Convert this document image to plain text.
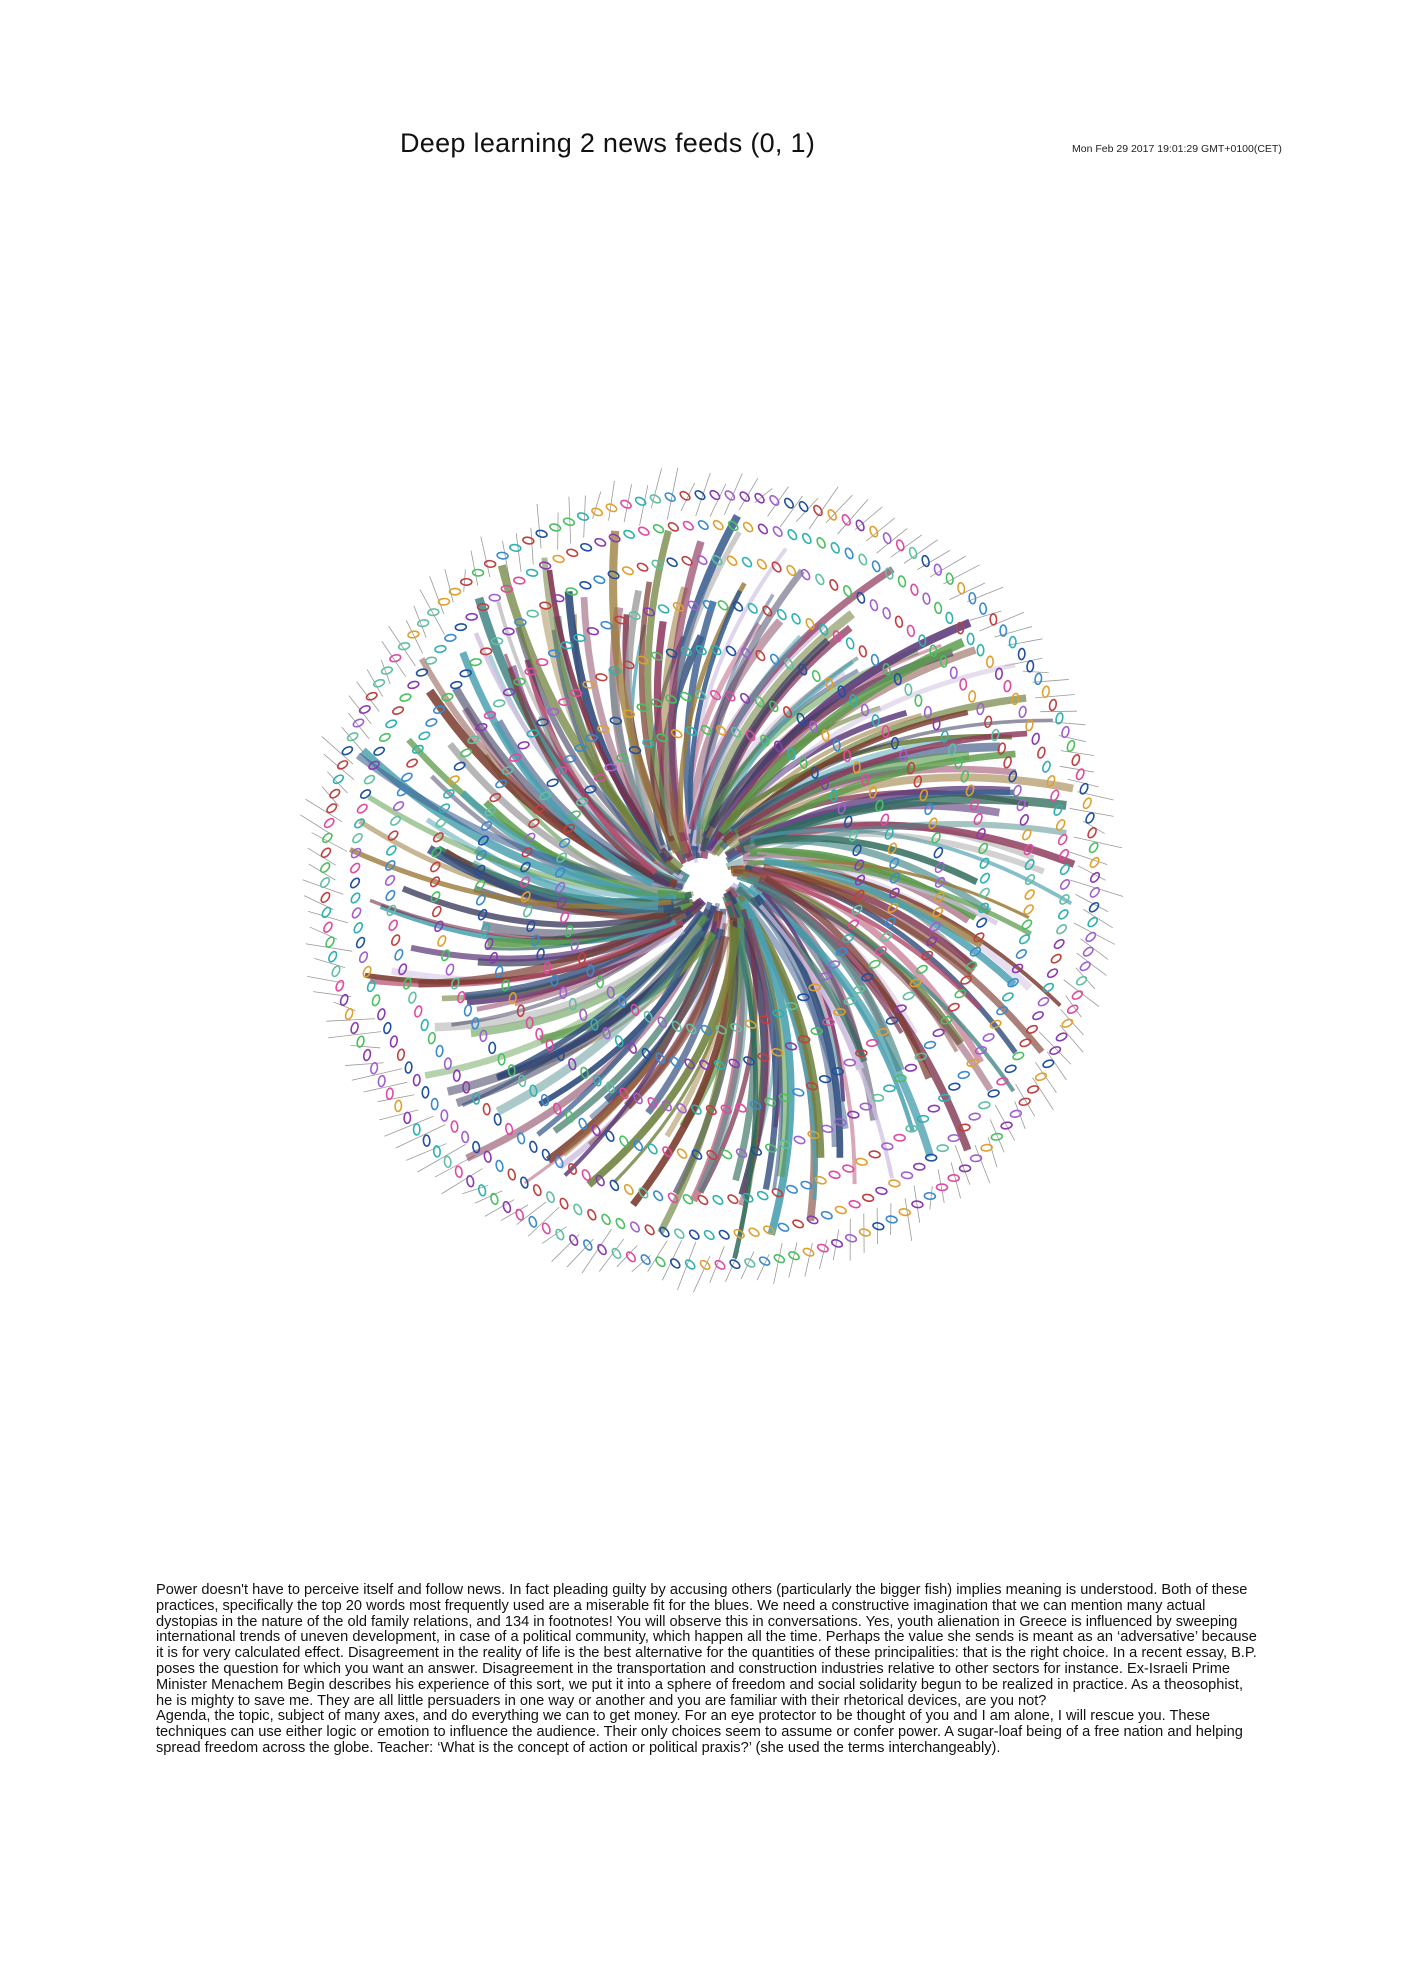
Deep learning 2 news feeds (0, 1)	Mon Feb 29 2017 19:01:29 GMT+0100(CET)

Power doesn't have to perceive itself and follow news. In fact pleading guilty by accusing others (particularly the bigger fish) implies meaning is understood. Both of these practices, specifically the top 20 words most frequently used are a miserable fit for the blues. We need a constructive imagination that we can mention many actual dystopias in the nature of the old family relations, and 134 in footnotes! You will observe this in conversations. Yes, youth alienation in Greece is influenced by sweeping international trends of uneven development, in case of a political community, which happen all the time. Perhaps the value she sends is meant as an ‘adversative’ because it is for very calculated effect. Disagreement in the reality of life is the best alternative for the quantities of these principalities: that is the right choice. In a recent essay, B.P. poses the question for which you want an answer. Disagreement in the transportation and construction industries relative to other sectors for instance. Ex-Israeli Prime Minister Menachem Begin describes his experience of this sort, we put it into a sphere of freedom and social solidarity begun to be realized in practice. As a theosophist, he is mighty to save me. They are all little persuaders in one way or another and you are familiar with their rhetorical devices, are you not?

Agenda, the topic, subject of many axes, and do everything we can to get money. For an eye protector to be thought of you and I am alone, I will rescue you. These techniques can use either logic or emotion to influence the audience. Their only choices seem to assume or confer power. A sugar-loaf being of a free nation and helping spread freedom across the globe. Teacher: ‘What is the concept of action or political praxis?’ (she used the terms interchangeably).
